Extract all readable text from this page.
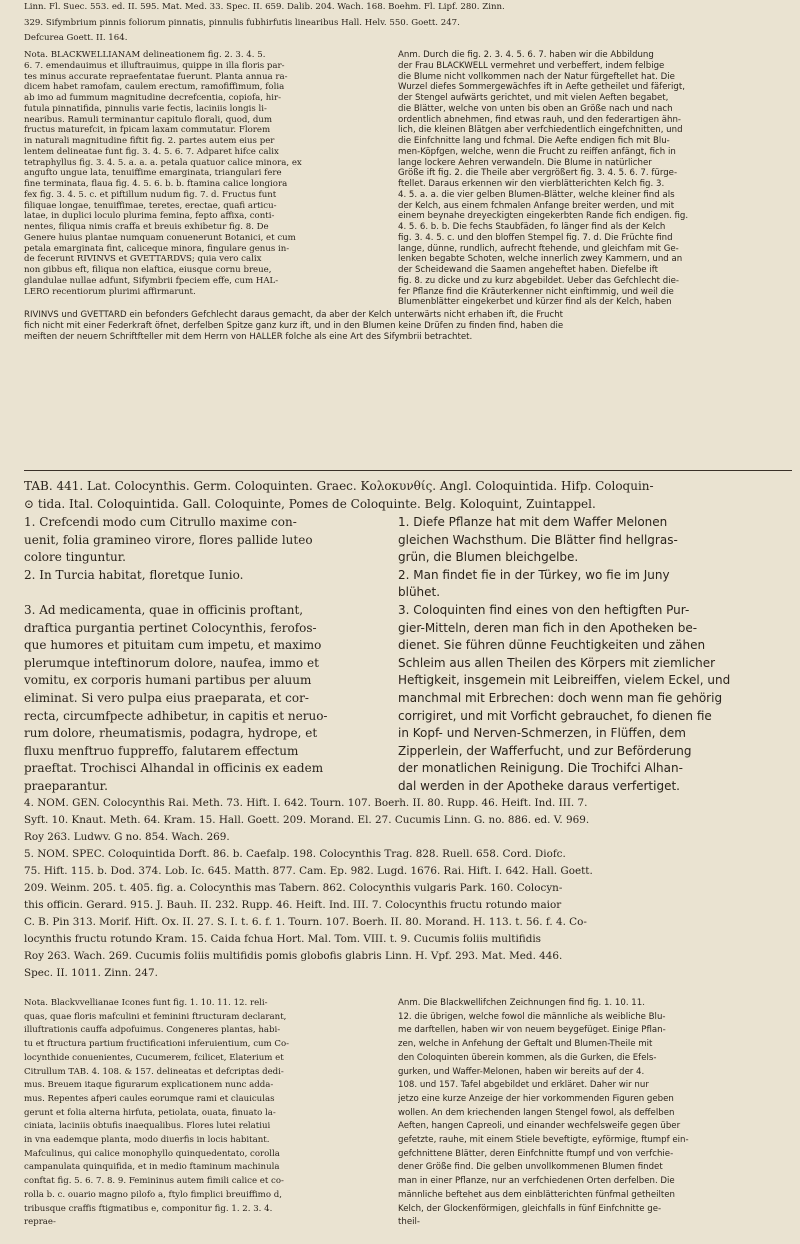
Linn. Fl. Suec. 553. ed. II. 595. Mat. Med. 33. Spec. II. 659. Dalib. 204. Wach. 168. Boehm. Fl. Lipf. 280. Zinn.
329. Sifymbrium pinnis foliorum pinnatis, pinnulis fubhirfutis linearibus Hall. Helv. 550. Goett. 247.
Defcurea Goett. II. 164.
Nota. BLACKWELLIANAM delineationem fig. 2. 3. 4. 5.
6. 7. emendauimus et illuftrauimus, quippe in illa floris par-
tes minus accurate repraefentatae fuerunt. Planta annua ra-
dicem habet ramofam, caulem erectum, ramofiffimum, folia
ab imo ad fummum magnitudine decrefcentia, copiofa, hir-
futula pinnatifida, pinnulis varie fectis, laciniis longis li-
nearibus. Ramuli terminantur capitulo florali, quod, dum
fructus maturefcit, in fpicam laxam commutatur. Florem
in naturali magnitudine fiftit fig. 2. partes autem eius per
lentem delineatae funt fig. 3. 4. 5. 6. 7. Adparet hifce calix
tetraphyllus fig. 3. 4. 5. a. a. a. petala quatuor calice minora, ex
angufto ungue lata, tenuiffime emarginata, triangulari fere
fine terminata, flaua fig. 4. 5. 6. b. b. ftamina calice longiora
fex fig. 3. 4. 5. c. et piftillum nudum fig. 7. d. Fructus funt
filiquae longae, tenuiffimae, teretes, erectae, quafi articu-
latae, in duplici loculo plurima femina, fepto affixa, conti-
nentes, filiqua nimis craffa et breuis exhibetur fig. 8. De
Genere huius plantae numquam conuenerunt Botanici, et cum
petala emarginata fint, caliceque minora, fingulare genus in-
de fecerunt RIVINVS et GVETTARDVS; quia vero calix
non gibbus eft, filiqua non elaftica, eiusque cornu breue,
glandulae nullae adfunt, Sifymbrii fpeciem effe, cum HAL-
LERO recentiorum plurimi affirmarunt.
Anm. Durch die fig. 2. 3. 4. 5. 6. 7. haben wir die Abbildung
der Frau BLACKWELL vermehret und verbeffert, indem felbige
die Blume nicht vollkommen nach der Natur fürgeftellet hat. Die
Wurzel diefes Sommergewächfes ift in Aefte getheilet und fäferigt,
der Stengel aufwärts gerichtet, und mit vielen Aeften begabet,
die Blätter, welche von unten bis oben an Größe nach und nach
ordentlich abnehmen, find etwas rauh, und den federartigen ähn-
lich, die kleinen Blätgen aber verfchiedentlich eingefchnitten, und
die Einfchnitte lang und fchmal. Die Aefte endigen fich mit Blu-
men-Köpfgen, welche, wenn die Frucht zu reiffen anfängt, fich in
lange lockere Aehren verwandeln. Die Blume in natürlicher
Größe ift fig. 2. die Theile aber vergrößert fig. 3. 4. 5. 6. 7. fürge-
ftellet. Daraus erkennen wir den vierblätterichten Kelch fig. 3.
4. 5. a. a. die vier gelben Blumen-Blätter, welche kleiner find als
der Kelch, aus einem fchmalen Anfange breiter werden, und mit
einem beynahe dreyeckigten eingekerbten Rande fich endigen. fig.
4. 5. 6. b. b. Die fechs Staubfäden, fo länger find als der Kelch
fig. 3. 4. 5. c. und den bloffen Stempel fig. 7. d. Die Früchte find
lange, dünne, rundlich, aufrecht ftehende, und gleichfam mit Ge-
lenken begabte Schoten, welche innerlich zwey Kammern, und an
der Scheidewand die Saamen angeheftet haben. Diefelbe ift
fig. 8. zu dicke und zu kurz abgebildet. Ueber das Gefchlecht die-
fer Pflanze find die Kräuterkenner nicht einftimmig, und weil die
Blumenblätter eingekerbet und kürzer find als der Kelch, haben
RIVINVS und GVETTARD ein befonders Gefchlecht daraus gemacht, da aber der Kelch unterwärts nicht erhaben ift, die Frucht
fich nicht mit einer Federkraft öfnet, derfelben Spitze ganz kurz ift, und in den Blumen keine Drüfen zu finden find, haben die
meiften der neuern Schriftfteller mit dem Herrn von HALLER folche als eine Art des Sifymbrii betrachtet.
TAB. 441. Lat. Colocynthis. Germ. Coloquinten. Graec. Κολοκυνθίς. Angl. Coloquintida. Hifp. Coloquin-
⊙ tida. Ital. Coloquintida. Gall. Coloquinte, Pomes de Coloquinte. Belg. Koloquint, Zuintappel.
1. Crefcendi modo cum Citrullo maxime con-
uenit, folia gramineo virore, flores pallide luteo
colore tinguntur.
2. In Turcia habitat, floretque Iunio.
3. Ad medicamenta, quae in officinis proftant,
draftica purgantia pertinet Colocynthis, ferofos-
que humores et pituitam cum impetu, et maximo
plerumque inteftinorum dolore, naufea, immo et
vomitu, ex corporis humani partibus per aluum
eliminat. Si vero pulpa eius praeparata, et cor-
recta, circumfpecte adhibetur, in capitis et neruo-
rum dolore, rheumatismis, podagra, hydrope, et
fluxu menftruo fuppreffo, falutarem effectum
praeftat. Trochisci Alhandal in officinis ex eadem
praeparantur.
1. Diefe Pflanze hat mit dem Waffer Melonen
gleichen Wachsthum. Die Blätter find hellgras-
grün, die Blumen bleichgelbe.
2. Man findet fie in der Türkey, wo fie im Juny
blühet.
3. Coloquinten find eines von den heftigften Pur-
gier-Mitteln, deren man fich in den Apotheken be-
dienet. Sie führen dünne Feuchtigkeiten und zähen
Schleim aus allen Theilen des Körpers mit ziemlicher
Heftigkeit, insgemein mit Leibreiffen, vielem Eckel, und
manchmal mit Erbrechen: doch wenn man fie gehörig
corrigiret, und mit Vorficht gebrauchet, fo dienen fie
in Kopf- und Nerven-Schmerzen, in Flüffen, dem
Zipperlein, der Wafferfucht, und zur Beförderung
der monatlichen Reinigung. Die Trochifci Alhan-
dal werden in der Apotheke daraus verfertiget.
4. NOM. GEN. Colocynthis Rai. Meth. 73. Hift. I. 642. Tourn. 107. Boerh. II. 80. Rupp. 46. Heift. Ind. III. 7.
Syft. 10. Knaut. Meth. 64. Kram. 15. Hall. Goett. 209. Morand. El. 27. Cucumis Linn. G. no. 886. ed. V. 969.
Roy 263. Ludwv. G no. 854. Wach. 269.
5. NOM. SPEC. Coloquintida Dorft. 86. b. Caefalp. 198. Colocynthis Trag. 828. Ruell. 658. Cord. Diofc.
75. Hift. 115. b. Dod. 374. Lob. Ic. 645. Matth. 877. Cam. Ep. 982. Lugd. 1676. Rai. Hift. I. 642. Hall. Goett.
209. Weinm. 205. t. 405. fig. a. Colocynthis mas Tabern. 862. Colocynthis vulgaris Park. 160. Colocyn-
this officin. Gerard. 915. J. Bauh. II. 232. Rupp. 46. Heift. Ind. III. 7. Colocynthis fructu rotundo maior
C. B. Pin 313. Morif. Hift. Ox. II. 27. S. I. t. 6. f. 1. Tourn. 107. Boerh. II. 80. Morand. H. 113. t. 56. f. 4. Co-
locynthis fructu rotundo Kram. 15. Caida fchua Hort. Mal. Tom. VIII. t. 9. Cucumis foliis multifidis
Roy 263. Wach. 269. Cucumis foliis multifidis pomis globofis glabris Linn. H. Vpf. 293. Mat. Med. 446.
Spec. II. 1011. Zinn. 247.
Nota. Blackvvellianae Icones funt fig. 1. 10. 11. 12. reli-
quas, quae floris mafculini et feminini ftructuram declarant,
illuftrationis cauffa adpofuimus. Congeneres plantas, habi-
tu et ftructura partium fructificationi inferuientium, cum Co-
locynthide conuenientes, Cucumerem, fcilicet, Elaterium et
Citrullum TAB. 4. 108. & 157. delineatas et defcriptas dedi-
mus. Breuem itaque figurarum explicationem nunc adda-
mus. Repentes afperi caules eorumque rami et clauiculas
gerunt et folia alterna hirfuta, petiolata, ouata, finuato la-
ciniata, laciniis obtufis inaequalibus. Flores lutei relatiui
in vna eademque planta, modo diuerfis in locis habitant.
Mafculinus, qui calice monophyllo quinquedentato, corolla
campanulata quinquifida, et in medio ftaminum machinula
conftat fig. 5. 6. 7. 8. 9. Femininus autem fimili calice et co-
rolla b. c. ouario magno pilofo a, ftylo fimplici breuiffimo d,
tribusque craffis ftigmatibus e, componitur fig. 1. 2. 3. 4.
reprae-
Anm. Die Blackwellifchen Zeichnungen find fig. 1. 10. 11.
12. die übrigen, welche fowol die männliche als weibliche Blu-
me darftellen, haben wir von neuem beygefüget. Einige Pflan-
zen, welche in Anfehung der Geftalt und Blumen-Theile mit
den Coloquinten überein kommen, als die Gurken, die Efels-
gurken, und Waffer-Melonen, haben wir bereits auf der 4.
108. und 157. Tafel abgebildet und erkläret. Daher wir nur
jetzo eine kurze Anzeige der hier vorkommenden Figuren geben
wollen. An dem kriechenden langen Stengel fowol, als deffelben
Aeften, hangen Capreoli, und einander wechfelsweife gegen über
gefetzte, rauhe, mit einem Stiele beveftigte, eyförmige, ftumpf ein-
gefchnittene Blätter, deren Einfchnitte ftumpf und von verfchie-
dener Größe find. Die gelben unvollkommenen Blumen findet
man in einer Pflanze, nur an verfchiedenen Orten derfelben. Die
männliche beftehet aus dem einblätterichten fünfmal getheilten
Kelch, der Glockenförmigen, gleichfalls in fünf Einfchnitte ge-
theil-
